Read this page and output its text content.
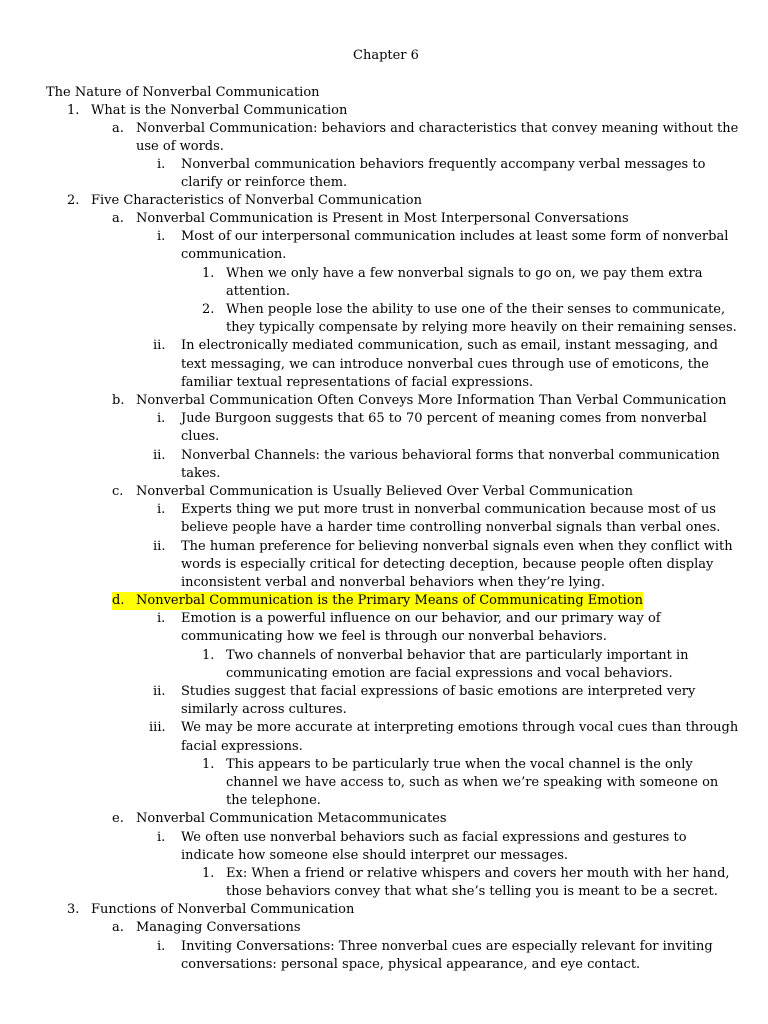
Chapter 6
The Nature of Nonverbal Communication
1. What is the Nonverbal Communication
a. Nonverbal Communication: behaviors and characteristics that convey meaning without the
use of words.
i. Nonverbal communication behaviors frequently accompany verbal messages to
clarify or reinforce them.
2. Five Characteristics of Nonverbal Communication
a. Nonverbal Communication is Present in Most Interpersonal Conversations
i. Most of our interpersonal communication includes at least some form of nonverbal
communication.
1. When we only have a few nonverbal signals to go on, we pay them extra
attention.
2. When people lose the ability to use one of the their senses to communicate,
they typically compensate by relying more heavily on their remaining senses.
ii. In electronically mediated communication, such as email, instant messaging, and
text messaging, we can introduce nonverbal cues through use of emoticons, the
familiar textual representations of facial expressions.
b. Nonverbal Communication Often Conveys More Information Than Verbal Communication
i. Jude Burgoon suggests that 65 to 70 percent of meaning comes from nonverbal
clues.
ii. Nonverbal Channels: the various behavioral forms that nonverbal communication
takes.
c. Nonverbal Communication is Usually Believed Over Verbal Communication
i. Experts thing we put more trust in nonverbal communication because most of us
believe people have a harder time controlling nonverbal signals than verbal ones.
ii. The human preference for believing nonverbal signals even when they conflict with
words is especially critical for detecting deception, because people often display
inconsistent verbal and nonverbal behaviors when they’re lying.
d. Nonverbal Communication is the Primary Means of Communicating Emotion
i. Emotion is a powerful influence on our behavior, and our primary way of
communicating how we feel is through our nonverbal behaviors.
1. Two channels of nonverbal behavior that are particularly important in
communicating emotion are facial expressions and vocal behaviors.
ii. Studies suggest that facial expressions of basic emotions are interpreted very
similarly across cultures.
iii. We may be more accurate at interpreting emotions through vocal cues than through
facial expressions.
1. This appears to be particularly true when the vocal channel is the only
channel we have access to, such as when we’re speaking with someone on
the telephone.
e. Nonverbal Communication Metacommunicates
i. We often use nonverbal behaviors such as facial expressions and gestures to
indicate how someone else should interpret our messages.
1. Ex: When a friend or relative whispers and covers her mouth with her hand,
those behaviors convey that what she’s telling you is meant to be a secret.
3. Functions of Nonverbal Communication
a. Managing Conversations
i. Inviting Conversations: Three nonverbal cues are especially relevant for inviting
conversations: personal space, physical appearance, and eye contact.
